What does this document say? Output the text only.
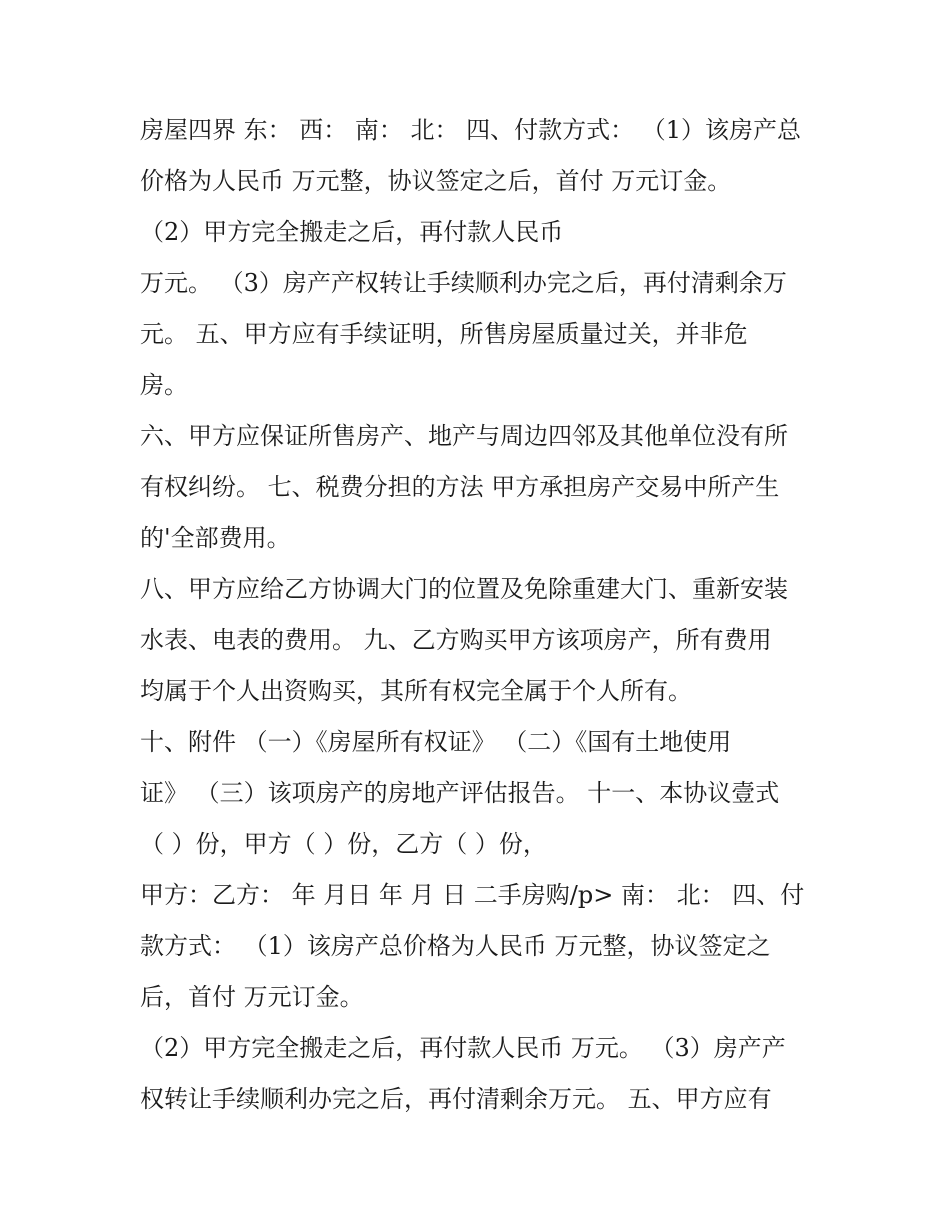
房屋四界 东： 西： 南： 北： 四、付款方式： （1）该房产总
价格为人民币 万元整，协议签定之后，首付 万元订金。
（2）甲方完全搬走之后，再付款人民币
万元。 （3）房产产权转让手续顺利办完之后，再付清剩余万
元。 五、甲方应有手续证明，所售房屋质量过关，并非危
房。
六、甲方应保证所售房产、地产与周边四邻及其他单位没有所
有权纠纷。 七、税费分担的方法 甲方承担房产交易中所产生
的'全部费用。
八、甲方应给乙方协调大门的位置及免除重建大门、重新安装
水表、电表的费用。 九、乙方购买甲方该项房产，所有费用
均属于个人出资购买，其所有权完全属于个人所有。
十、附件 （一）《房屋所有权证》 （二）《国有土地使用
证》 （三）该项房产的房地产评估报告。 十一、本协议壹式
（ ）份，甲方（ ）份，乙方（ ）份，
甲方：乙方： 年 月日 年 月 日 二手房购/p> 南： 北： 四、付
款方式： （1）该房产总价格为人民币 万元整，协议签定之
后，首付 万元订金。
（2）甲方完全搬走之后，再付款人民币 万元。 （3）房产产
权转让手续顺利办完之后，再付清剩余万元。 五、甲方应有
